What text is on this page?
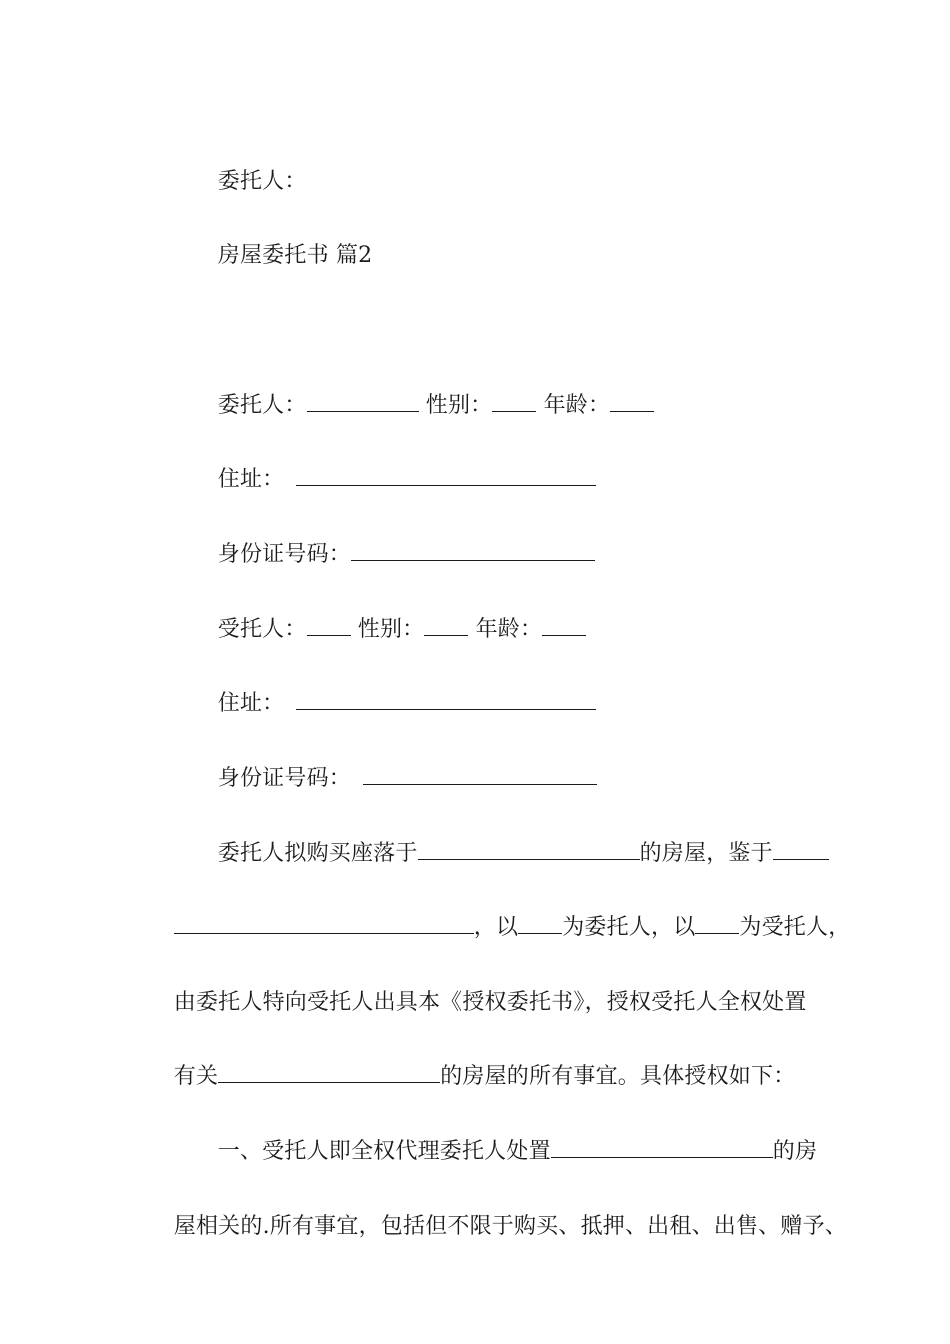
委托人：

房屋委托书 篇2

委托人：	性别： 年龄：

住址：

身份证号码：

受托人： 性别： 年龄：

住址：

身份证号码：

委托人拟购买座落于	的房屋，鉴于

，以 为委托人，以 为受托人，

由委托人特向受托人出具本《授权委托书》，授权受托人全权处置

有关	的房屋的所有事宜。具体授权如下：

一、受托人即全权代理委托人处置	的房

屋相关的.所有事宜，包括但不限于购买、抵押、出租、出售、赠予、
